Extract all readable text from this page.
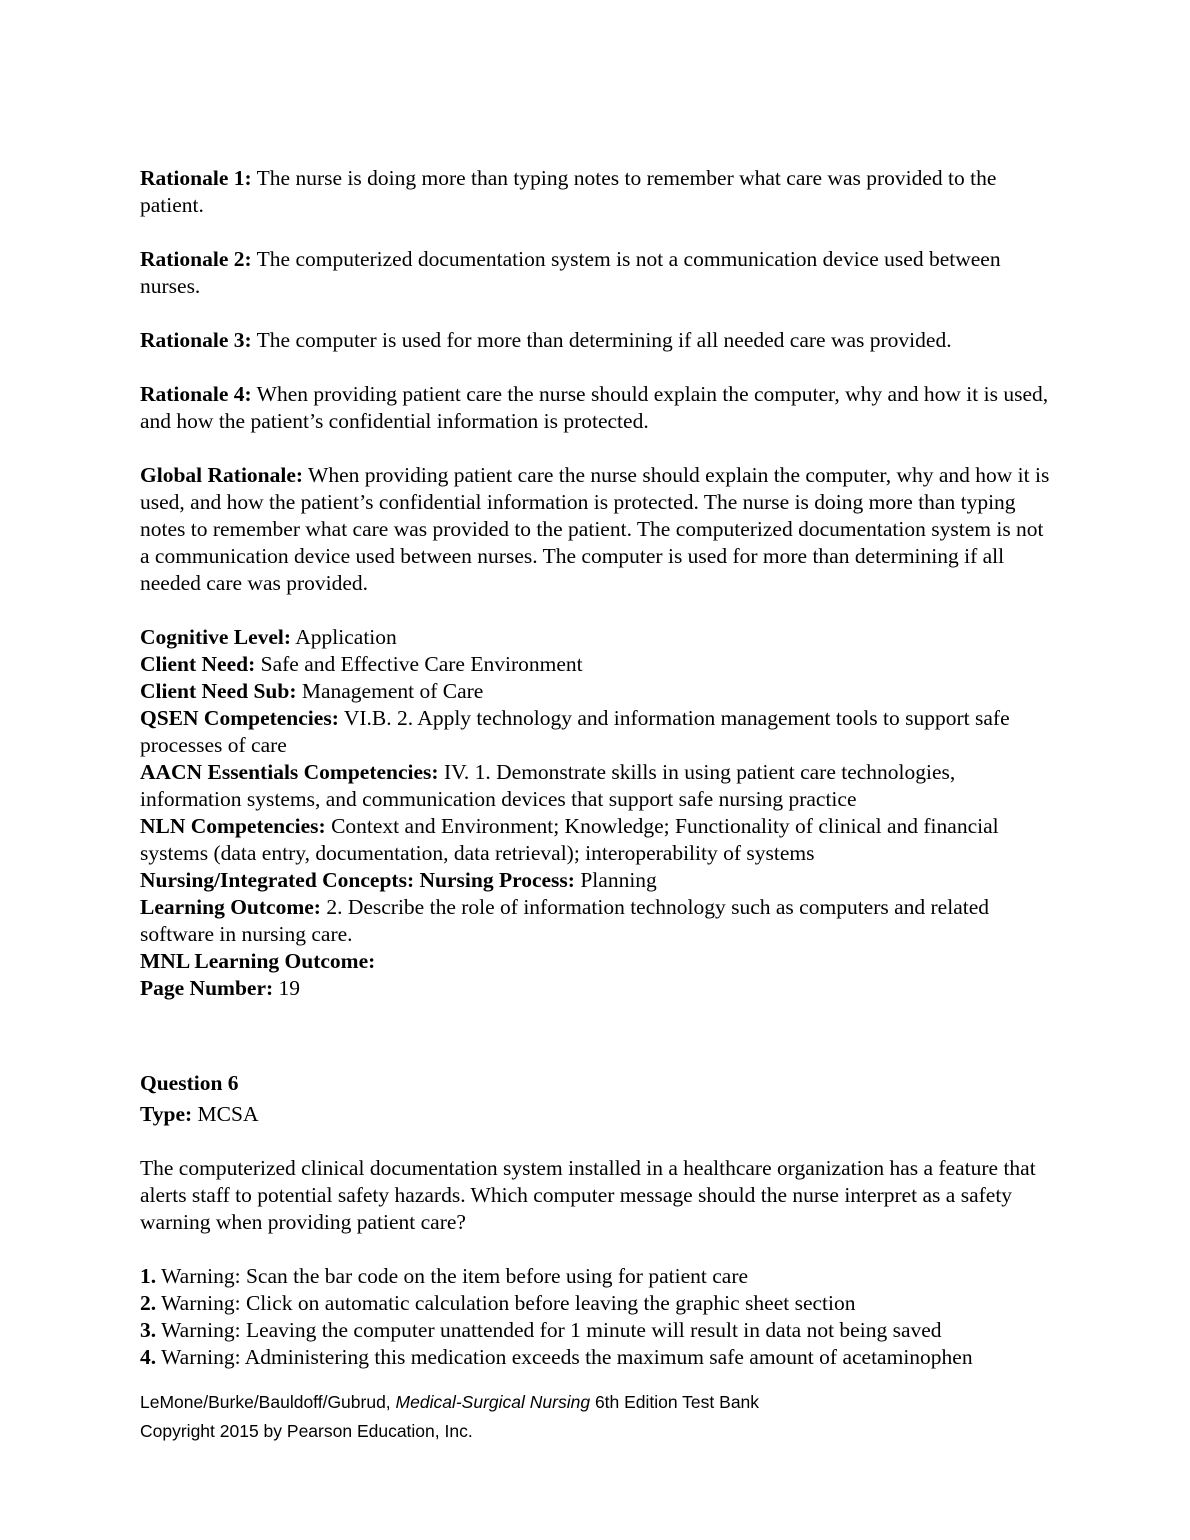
Rationale 1: The nurse is doing more than typing notes to remember what care was provided to the patient.

Rationale 2: The computerized documentation system is not a communication device used between nurses.

Rationale 3: The computer is used for more than determining if all needed care was provided.

Rationale 4: When providing patient care the nurse should explain the computer, why and how it is used, and how the patient’s confidential information is protected.

Global Rationale: When providing patient care the nurse should explain the computer, why and how it is used, and how the patient’s confidential information is protected. The nurse is doing more than typing notes to remember what care was provided to the patient. The computerized documentation system is not a communication device used between nurses. The computer is used for more than determining if all needed care was provided.

Cognitive Level: Application

Client Need: Safe and Effective Care Environment

Client Need Sub: Management of Care

QSEN Competencies: VI.B. 2. Apply technology and information management tools to support safe processes of care

AACN Essentials Competencies: IV. 1. Demonstrate skills in using patient care technologies, information systems, and communication devices that support safe nursing practice

NLN Competencies: Context and Environment; Knowledge; Functionality of clinical and financial systems (data entry, documentation, data retrieval); interoperability of systems

Nursing/Integrated Concepts: Nursing Process: Planning

Learning Outcome: 2. Describe the role of information technology such as computers and related software in nursing care.

MNL Learning Outcome:

Page Number: 19

Question 6

Type: MCSA

The computerized clinical documentation system installed in a healthcare organization has a feature that alerts staff to potential safety hazards. Which computer message should the nurse interpret as a safety warning when providing patient care?

1. Warning: Scan the bar code on the item before using for patient care

2. Warning: Click on automatic calculation before leaving the graphic sheet section

3. Warning: Leaving the computer unattended for 1 minute will result in data not being saved

4. Warning: Administering this medication exceeds the maximum safe amount of acetaminophen

LeMone/Burke/Bauldoff/Gubrud, Medical-Surgical Nursing 6th Edition Test Bank
Copyright 2015 by Pearson Education, Inc.
